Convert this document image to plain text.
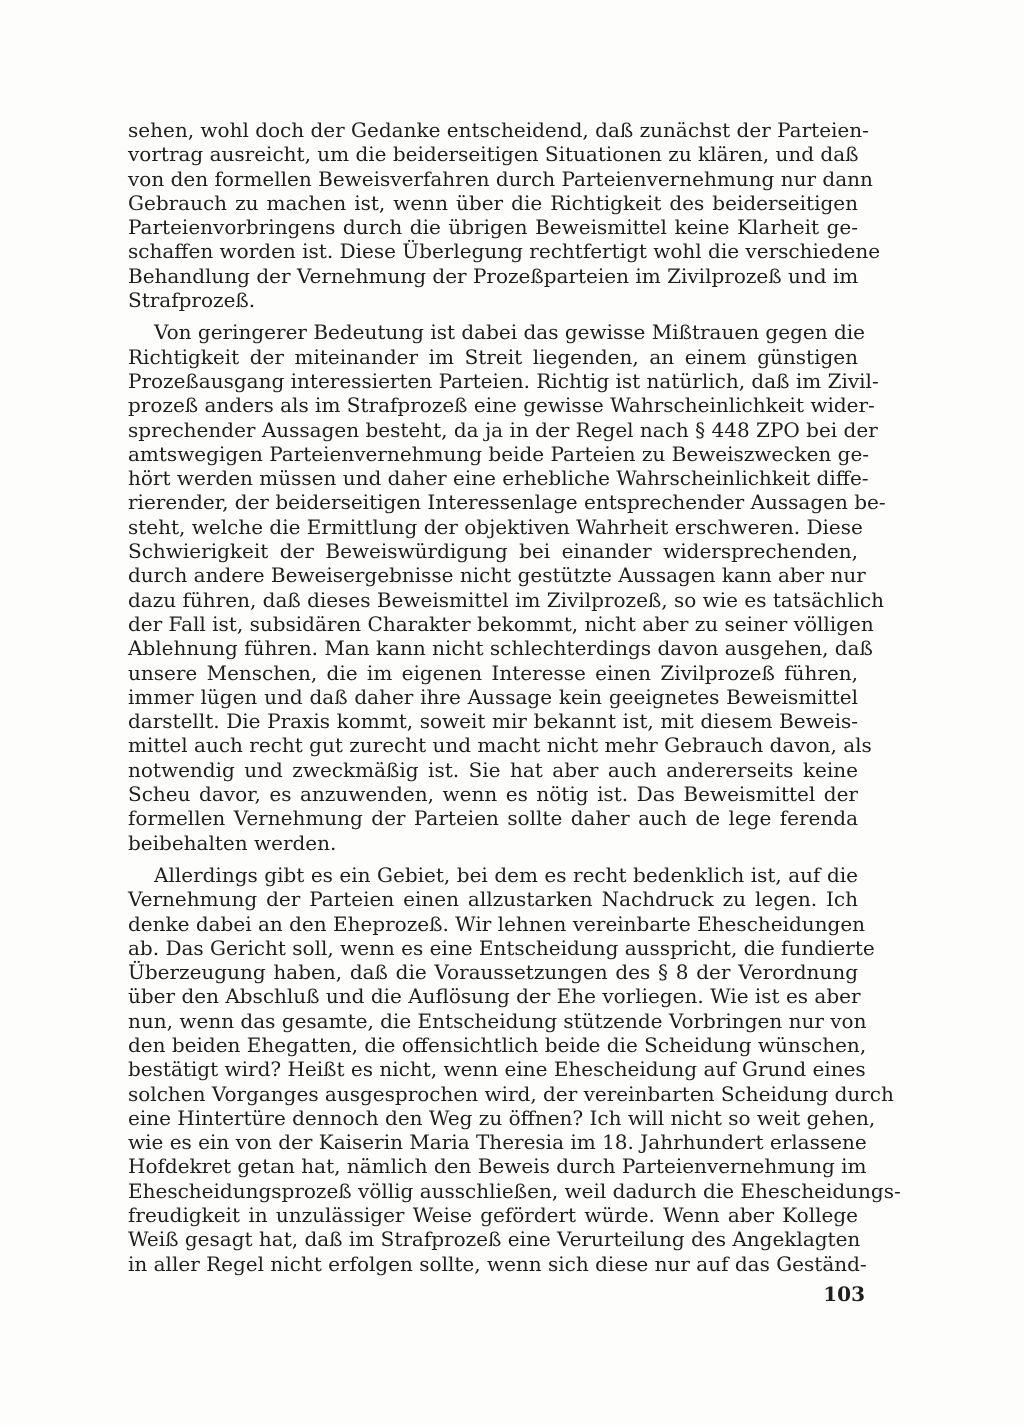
sehen, wohl doch der Gedanke entscheidend, daß zunächst der Parteien-
vortrag ausreicht, um die beiderseitigen Situationen zu klären, und daß
von den formellen Beweisverfahren durch Parteienvernehmung nur dann
Gebrauch zu machen ist, wenn über die Richtigkeit des beiderseitigen
Parteienvorbringens durch die übrigen Beweismittel keine Klarheit ge-
schaffen worden ist. Diese Überlegung rechtfertigt wohl die verschiedene
Behandlung der Vernehmung der Prozeßparteien im Zivilprozeß und im
Strafprozeß.
Von geringerer Bedeutung ist dabei das gewisse Mißtrauen gegen die
Richtigkeit der miteinander im Streit liegenden, an einem günstigen
Prozeßausgang interessierten Parteien. Richtig ist natürlich, daß im Zivil-
prozeß anders als im Strafprozeß eine gewisse Wahrscheinlichkeit wider-
sprechender Aussagen besteht, da ja in der Regel nach § 448 ZPO bei der
amtswegigen Parteienvernehmung beide Parteien zu Beweiszwecken ge-
hört werden müssen und daher eine erhebliche Wahrscheinlichkeit diffe-
rierender, der beiderseitigen Interessenlage entsprechender Aussagen be-
steht, welche die Ermittlung der objektiven Wahrheit erschweren. Diese
Schwierigkeit der Beweiswürdigung bei einander widersprechenden,
durch andere Beweisergebnisse nicht gestützte Aussagen kann aber nur
dazu führen, daß dieses Beweismittel im Zivilprozeß, so wie es tatsächlich
der Fall ist, subsidären Charakter bekommt, nicht aber zu seiner völligen
Ablehnung führen. Man kann nicht schlechterdings davon ausgehen, daß
unsere Menschen, die im eigenen Interesse einen Zivilprozeß führen,
immer lügen und daß daher ihre Aussage kein geeignetes Beweismittel
darstellt. Die Praxis kommt, soweit mir bekannt ist, mit diesem Beweis-
mittel auch recht gut zurecht und macht nicht mehr Gebrauch davon, als
notwendig und zweckmäßig ist. Sie hat aber auch andererseits keine
Scheu davor, es anzuwenden, wenn es nötig ist. Das Beweismittel der
formellen Vernehmung der Parteien sollte daher auch de lege ferenda
beibehalten werden.
Allerdings gibt es ein Gebiet, bei dem es recht bedenklich ist, auf die
Vernehmung der Parteien einen allzustarken Nachdruck zu legen. Ich
denke dabei an den Eheprozeß. Wir lehnen vereinbarte Ehescheidungen
ab. Das Gericht soll, wenn es eine Entscheidung ausspricht, die fundierte
Überzeugung haben, daß die Voraussetzungen des § 8 der Verordnung
über den Abschluß und die Auflösung der Ehe vorliegen. Wie ist es aber
nun, wenn das gesamte, die Entscheidung stützende Vorbringen nur von
den beiden Ehegatten, die offensichtlich beide die Scheidung wünschen,
bestätigt wird? Heißt es nicht, wenn eine Ehescheidung auf Grund eines
solchen Vorganges ausgesprochen wird, der vereinbarten Scheidung durch
eine Hintertüre dennoch den Weg zu öffnen? Ich will nicht so weit gehen,
wie es ein von der Kaiserin Maria Theresia im 18. Jahrhundert erlassene
Hofdekret getan hat, nämlich den Beweis durch Parteienvernehmung im
Ehescheidungsprozeß völlig ausschließen, weil dadurch die Ehescheidungs-
freudigkeit in unzulässiger Weise gefördert würde. Wenn aber Kollege
Weiß gesagt hat, daß im Strafprozeß eine Verurteilung des Angeklagten
in aller Regel nicht erfolgen sollte, wenn sich diese nur auf das Geständ-
103
